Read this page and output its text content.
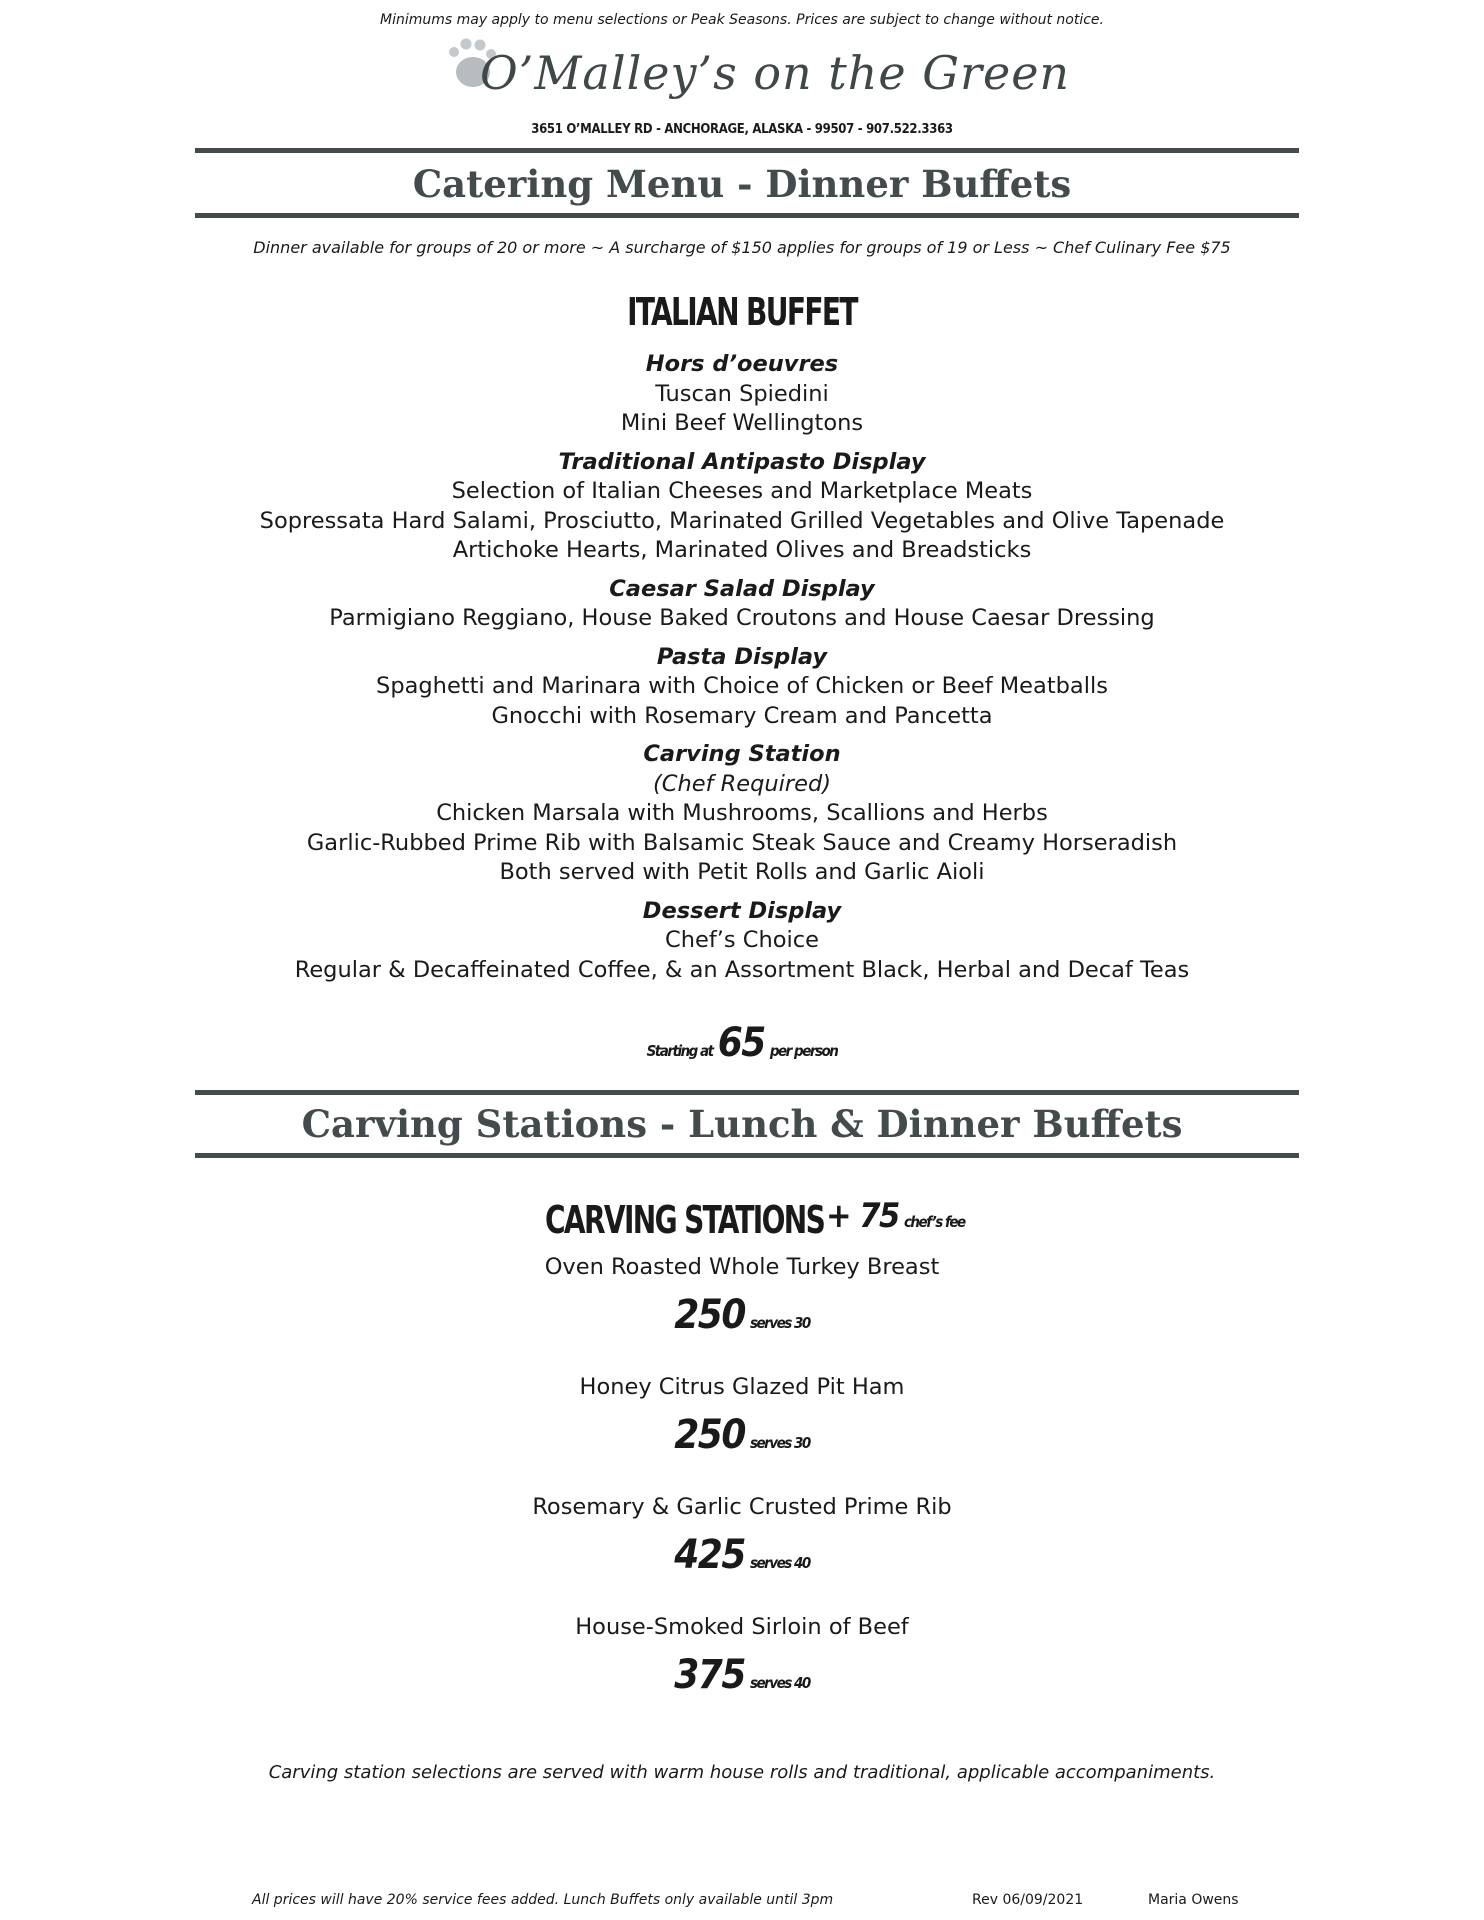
Minimums may apply to menu selections or Peak Seasons. Prices are subject to change without notice.
O’Malley’s on the Green
3651 O’MALLEY RD - ANCHORAGE, ALASKA - 99507 - 907.522.3363
Catering Menu - Dinner Buffets
Dinner available for groups of 20 or more ~ A surcharge of $150 applies for groups of 19 or Less ~ Chef Culinary Fee $75
ITALIAN BUFFET
Hors d’oeuvres
Tuscan Spiedini
Mini Beef Wellingtons
Traditional Antipasto Display
Selection of Italian Cheeses and Marketplace Meats
Sopressata Hard Salami, Prosciutto, Marinated Grilled Vegetables and Olive Tapenade
Artichoke Hearts, Marinated Olives and Breadsticks
Caesar Salad Display
Parmigiano Reggiano, House Baked Croutons and House Caesar Dressing
Pasta Display
Spaghetti and Marinara with Choice of Chicken or Beef Meatballs
Gnocchi with Rosemary Cream and Pancetta
Carving Station
(Chef Required)
Chicken Marsala with Mushrooms, Scallions and Herbs
Garlic-Rubbed Prime Rib with Balsamic Steak Sauce and Creamy Horseradish
Both served with Petit Rolls and Garlic Aioli
Dessert Display
Chef’s Choice
Regular & Decaffeinated Coffee, & an Assortment Black, Herbal and Decaf Teas
Starting at 65 per person
Carving Stations - Lunch & Dinner Buffets
CARVING STATIONS + 75 chef’s fee
Oven Roasted Whole Turkey Breast
250 serves 30
Honey Citrus Glazed Pit Ham
250 serves 30
Rosemary & Garlic Crusted Prime Rib
425 serves 40
House-Smoked Sirloin of Beef
375 serves 40
Carving station selections are served with warm house rolls and traditional, applicable accompaniments.
All prices will have 20% service fees added. Lunch Buffets only available until 3pm	Rev 06/09/2021	Maria Owens
